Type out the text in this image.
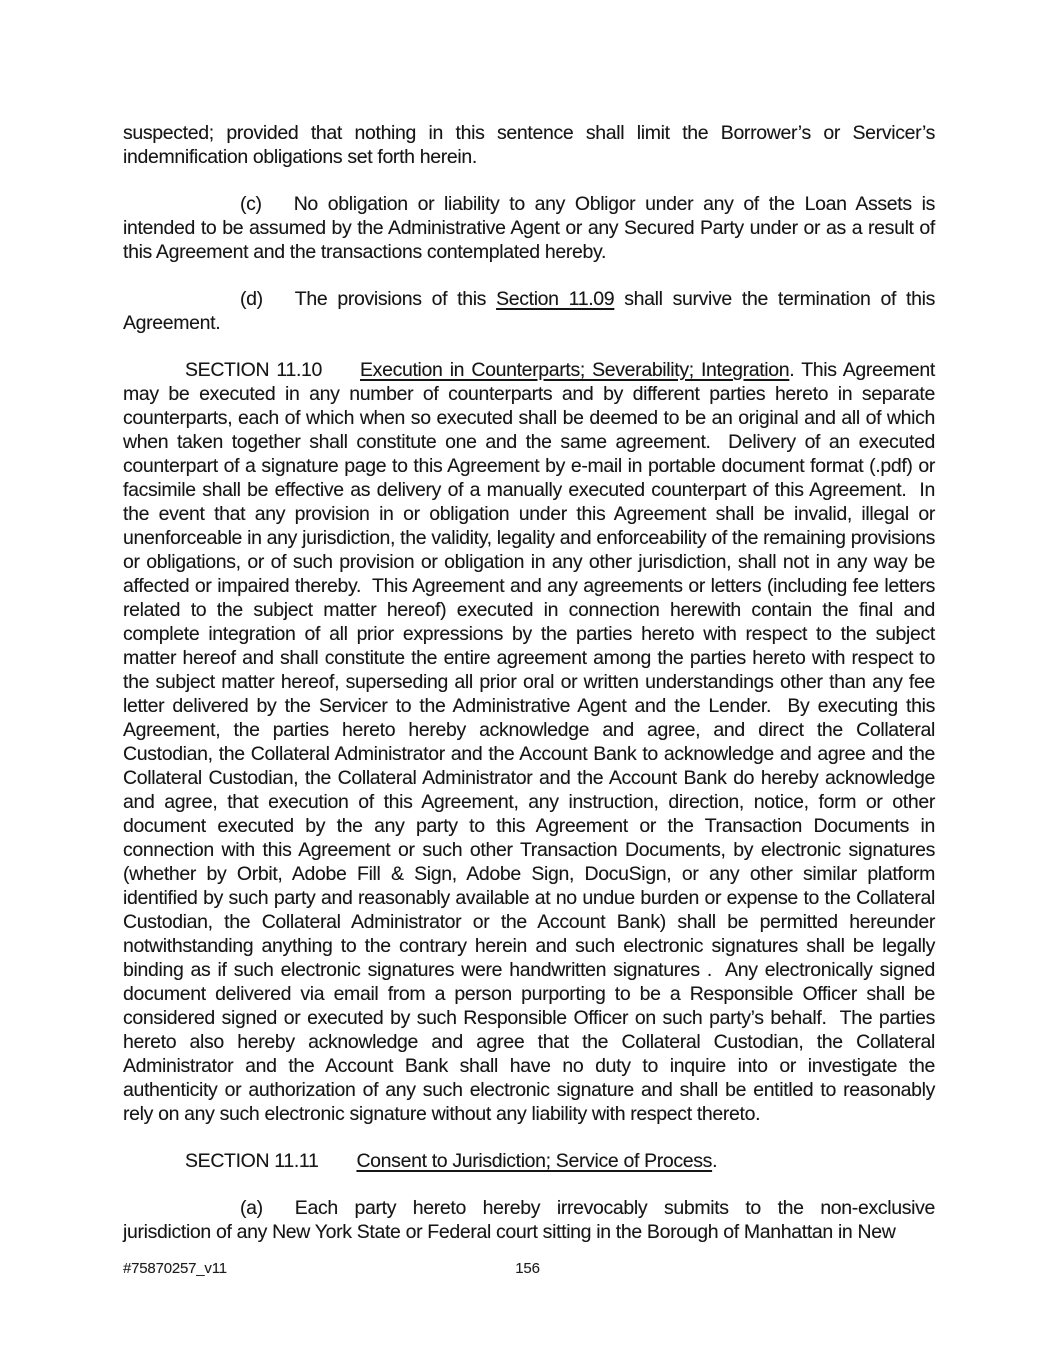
suspected; provided that nothing in this sentence shall limit the Borrower’s or Servicer’s indemnification obligations set forth herein.

(c) No obligation or liability to any Obligor under any of the Loan Assets is intended to be assumed by the Administrative Agent or any Secured Party under or as a result of this Agreement and the transactions contemplated hereby.

(d) The provisions of this Section 11.09 shall survive the termination of this Agreement.

SECTION 11.10 Execution in Counterparts; Severability; Integration. This Agreement may be executed in any number of counterparts and by different parties hereto in separate counterparts, each of which when so executed shall be deemed to be an original and all of which when taken together shall constitute one and the same agreement.  Delivery of an executed counterpart of a signature page to this Agreement by e-mail in portable document format (.pdf) or facsimile shall be effective as delivery of a manually executed counterpart of this Agreement.  In the event that any provision in or obligation under this Agreement shall be invalid, illegal or unenforceable in any jurisdiction, the validity, legality and enforceability of the remaining provisions or obligations, or of such provision or obligation in any other jurisdiction, shall not in any way be affected or impaired thereby.  This Agreement and any agreements or letters (including fee letters related to the subject matter hereof) executed in connection herewith contain the final and complete integration of all prior expressions by the parties hereto with respect to the subject matter hereof and shall constitute the entire agreement among the parties hereto with respect to the subject matter hereof, superseding all prior oral or written understandings other than any fee letter delivered by the Servicer to the Administrative Agent and the Lender.  By executing this Agreement, the parties hereto hereby acknowledge and agree, and direct the Collateral Custodian, the Collateral Administrator and the Account Bank to acknowledge and agree and the Collateral Custodian, the Collateral Administrator and the Account Bank do hereby acknowledge and agree, that execution of this Agreement, any instruction, direction, notice, form or other document executed by the any party to this Agreement or the Transaction Documents in connection with this Agreement or such other Transaction Documents, by electronic signatures (whether by Orbit, Adobe Fill & Sign, Adobe Sign, DocuSign, or any other similar platform identified by such party and reasonably available at no undue burden or expense to the Collateral Custodian, the Collateral Administrator or the Account Bank) shall be permitted hereunder notwithstanding anything to the contrary herein and such electronic signatures shall be legally binding as if such electronic signatures were handwritten signatures .  Any electronically signed document delivered via email from a person purporting to be a Responsible Officer shall be considered signed or executed by such Responsible Officer on such party’s behalf.  The parties hereto also hereby acknowledge and agree that the Collateral Custodian, the Collateral Administrator and the Account Bank shall have no duty to inquire into or investigate the authenticity or authorization of any such electronic signature and shall be entitled to reasonably rely on any such electronic signature without any liability with respect thereto.

SECTION 11.11 Consent to Jurisdiction; Service of Process.

(a) Each party hereto hereby irrevocably submits to the non-exclusive jurisdiction of any New York State or Federal court sitting in the Borough of Manhattan in New

#75870257_v11	156
